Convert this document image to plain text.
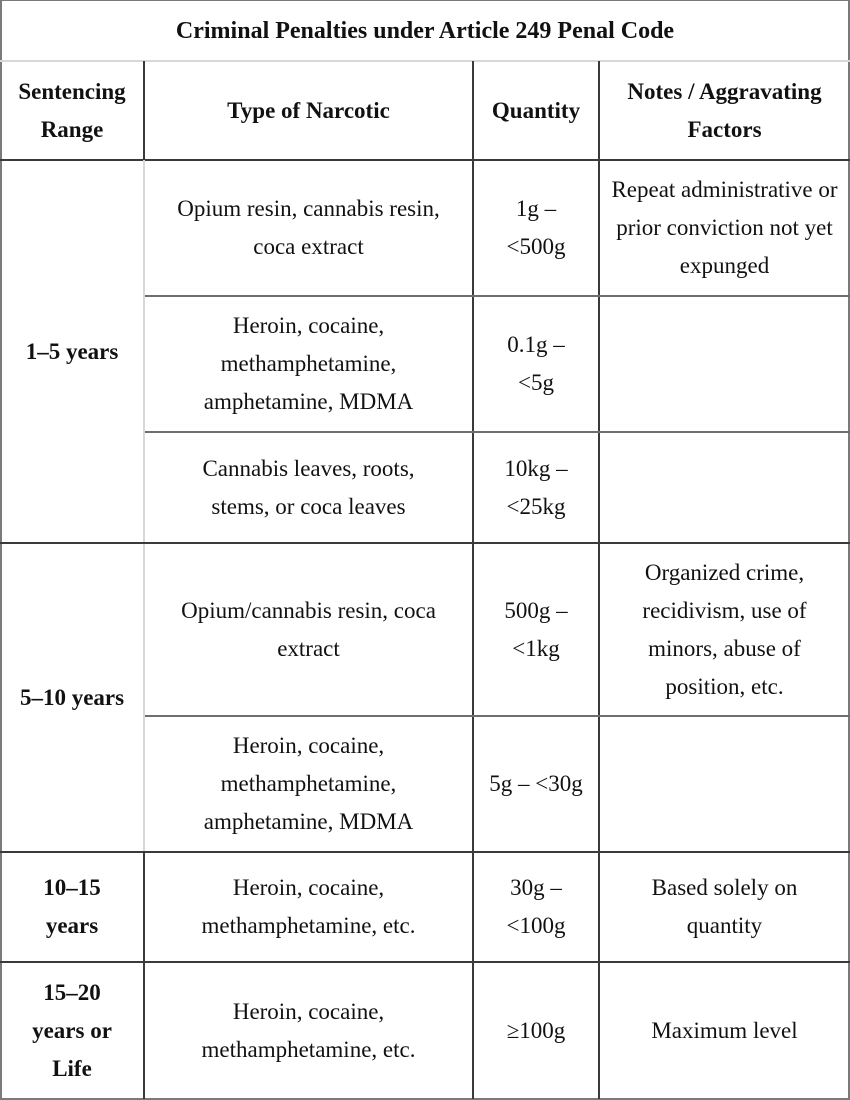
Criminal Penalties under Article 249 Penal Code
Sentencing Range
Type of Narcotic	Quantity
Notes / Aggravating Factors
1–5 years
Opium resin, cannabis resin, coca extract
1g – <500g
Repeat administrative or prior conviction not yet expunged
Heroin, cocaine, methamphetamine, amphetamine, MDMA
0.1g – <5g
Cannabis leaves, roots, stems, or coca leaves
10kg – <25kg
5–10 years
Opium/cannabis resin, coca extract
500g – <1kg
Organized crime, recidivism, use of minors, abuse of position, etc.
Heroin, cocaine, methamphetamine, amphetamine, MDMA
5g – <30g
10–15 years
Heroin, cocaine, methamphetamine, etc.
30g – <100g
Based solely on quantity
15–20 years or Life
Heroin, cocaine, methamphetamine, etc.
≥100g	Maximum level
